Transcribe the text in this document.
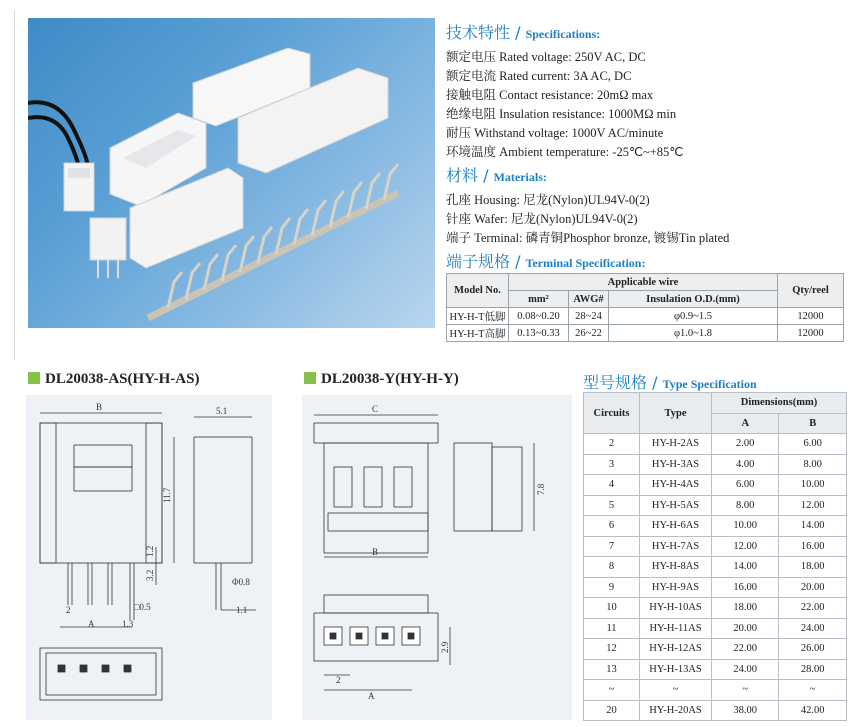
技术特性 / Specifications:
额定电压 Rated voltage: 250V AC, DC
额定电流 Rated current: 3A AC, DC
接触电阻 Contact resistance: 20mΩ max
绝缘电阻 Insulation resistance: 1000MΩ min
耐压 Withstand voltage: 1000V AC/minute
环境温度 Ambient temperature: -25℃~+85℃
材料 / Materials:
孔座 Housing: 尼龙(Nylon)UL94V-0(2)
针座 Wafer: 尼龙(Nylon)UL94V-0(2)
端子 Terminal: 磷青铜Phosphor bronze, 镀锡Tin plated
端子规格 / Terminal Specification:
Model No.	Applicable wire			Qty/reel
	mm²	AWG#	Insulation O.D.(mm)	
HY-H-T低脚	0.08~0.20	28~24	φ0.9~1.5	12000
HY-H-T高脚	0.13~0.33	26~22	φ1.0~1.8	12000
DL20038-AS(HY-H-AS)	DL20038-Y(HY-H-Y)	型号规格 / Type Specification
B	5.1
11.7
1.2
3.2
Φ0.8
2	□0.5
A	1.3
1.1
C
7.8
B
2.9
2
A
Circuits	Type	Dimensions(mm)	
		A	B
2	HY-H-2AS	2.00	6.00
3	HY-H-3AS	4.00	8.00
4	HY-H-4AS	6.00	10.00
5	HY-H-5AS	8.00	12.00
6	HY-H-6AS	10.00	14.00
7	HY-H-7AS	12.00	16.00
8	HY-H-8AS	14.00	18.00
9	HY-H-9AS	16.00	20.00
10	HY-H-10AS	18.00	22.00
11	HY-H-11AS	20.00	24.00
12	HY-H-12AS	22.00	26.00
13	HY-H-13AS	24.00	28.00
~	~	~	~
20	HY-H-20AS	38.00	42.00
